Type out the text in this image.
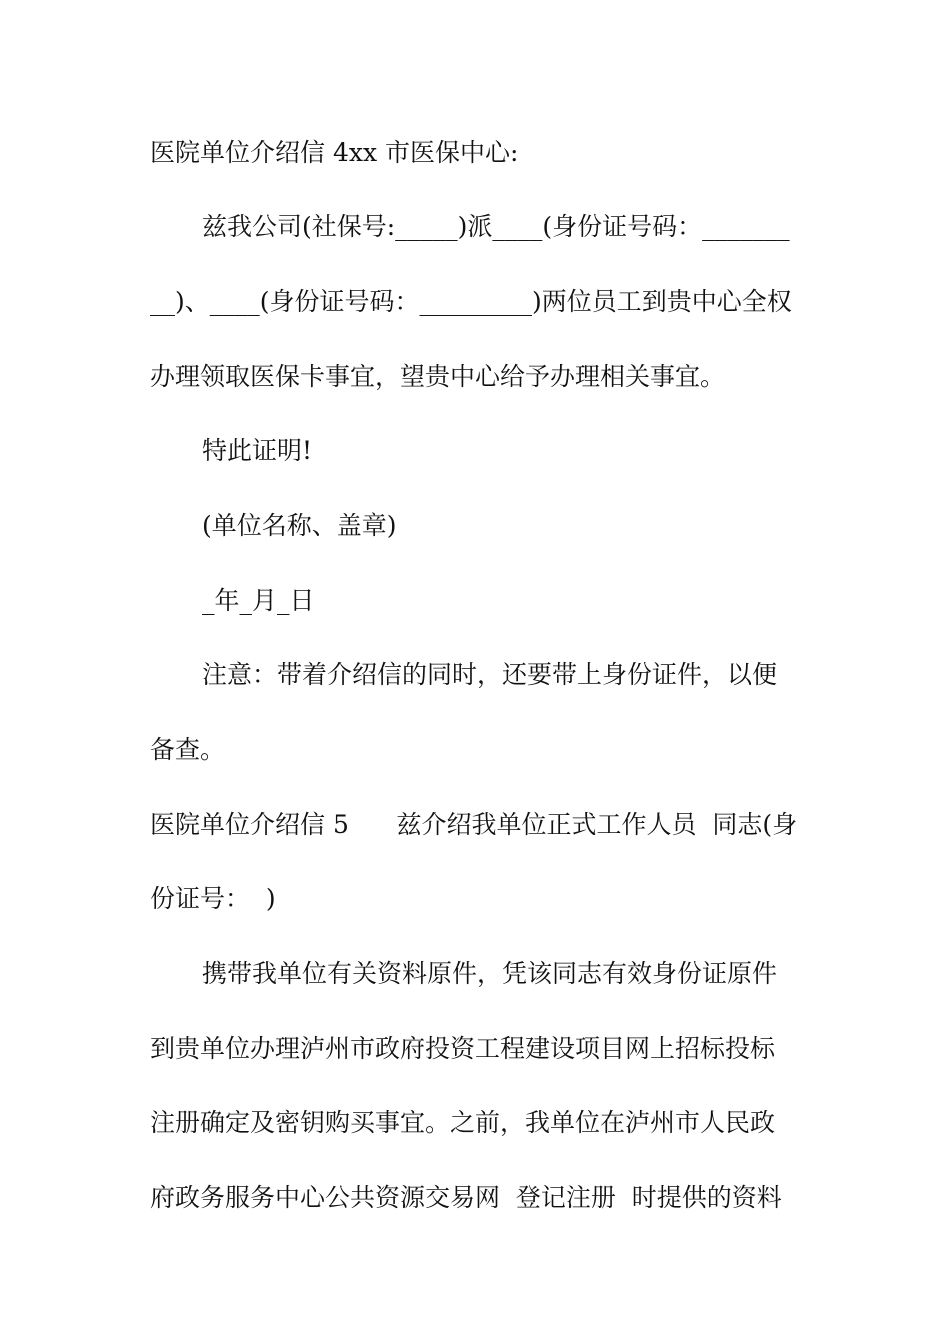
医院单位介绍信 4xx 市医保中心:
兹我公司(社保号:_____)派____(身份证号码：_______
__)、____(身份证号码：_________)两位员工到贵中心全权
办理领取医保卡事宜，望贵中心给予办理相关事宜。
特此证明!
(单位名称、盖章)
_年_月_日
注意：带着介绍信的同时，还要带上身份证件，以便
备查。
医院单位介绍信 5      兹介绍我单位正式工作人员  同志(身
份证号：  )
携带我单位有关资料原件，凭该同志有效身份证原件
到贵单位办理泸州市政府投资工程建设项目网上招标投标
注册确定及密钥购买事宜。之前，我单位在泸州市人民政
府政务服务中心公共资源交易网  登记注册  时提供的资料
